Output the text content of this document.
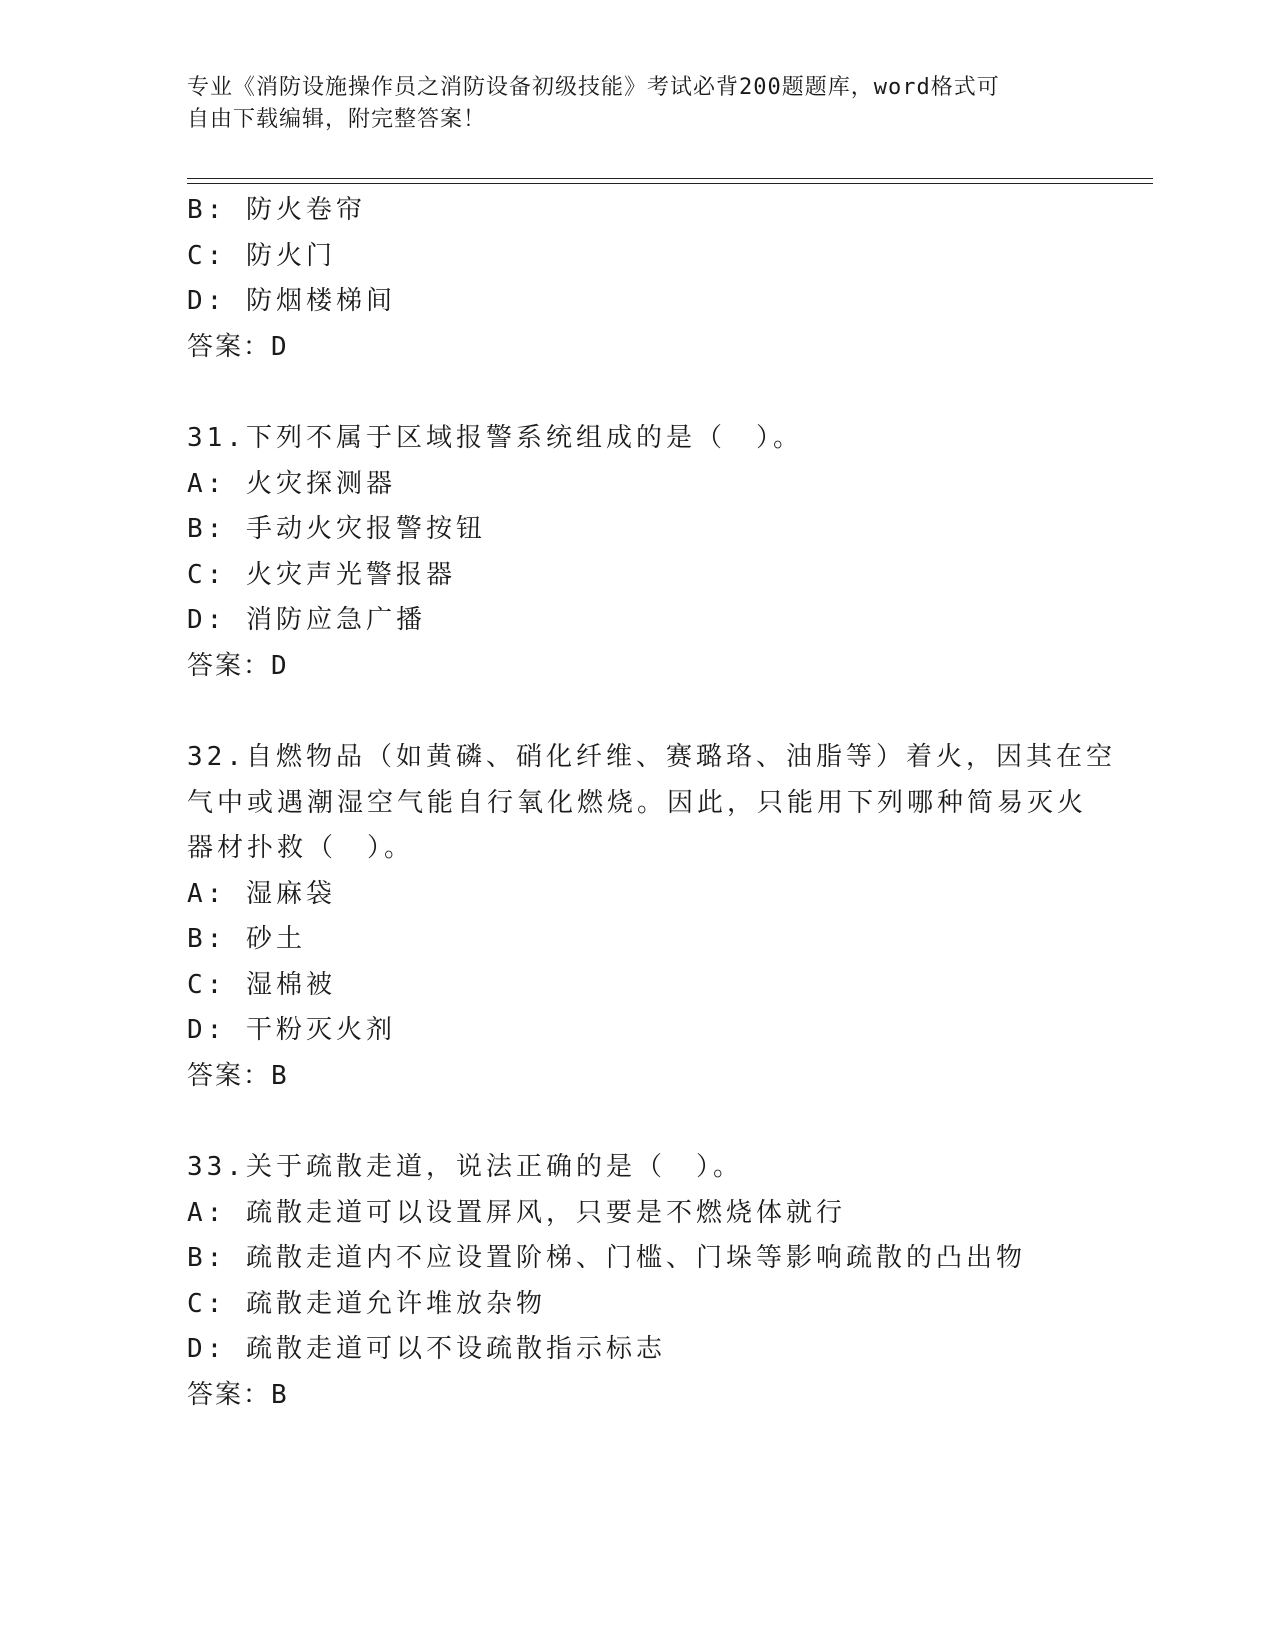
专业《消防设施操作员之消防设备初级技能》考试必背200题题库，word格式可
自由下载编辑，附完整答案！
B: 防火卷帘
C: 防火门
D: 防烟楼梯间
答案：D
31.下列不属于区域报警系统组成的是（　）。
A: 火灾探测器
B: 手动火灾报警按钮
C: 火灾声光警报器
D: 消防应急广播
答案：D
32.自燃物品（如黄磷、硝化纤维、赛璐珞、油脂等）着火，因其在空
气中或遇潮湿空气能自行氧化燃烧。因此，只能用下列哪种简易灭火
器材扑救（　）。
A: 湿麻袋
B: 砂土
C: 湿棉被
D: 干粉灭火剂
答案：B
33.关于疏散走道，说法正确的是（　）。
A: 疏散走道可以设置屏风，只要是不燃烧体就行
B: 疏散走道内不应设置阶梯、门槛、门垛等影响疏散的凸出物
C: 疏散走道允许堆放杂物
D: 疏散走道可以不设疏散指示标志
答案：B
